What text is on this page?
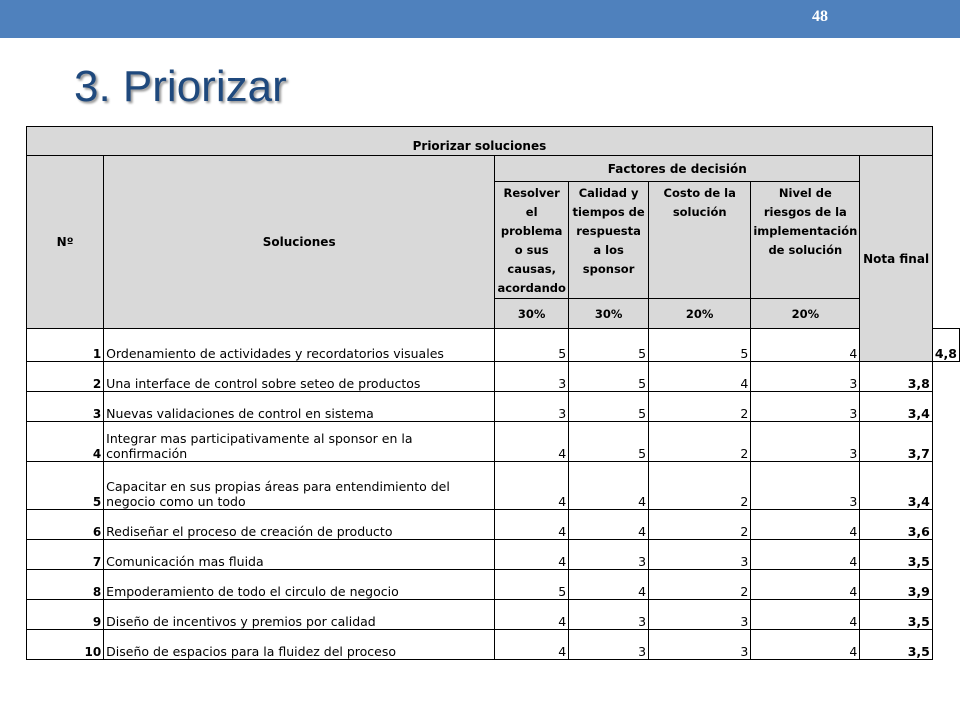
48
3. Priorizar
Priorizar soluciones							
Nº	Soluciones	Factores de decisión				Nota final	
		Resolver el problema o sus causas, acordando	Calidad y tiempos de respuesta a los sponsor	Costo de la solución	Nivel de riesgos de la implementación de solución		
		30%	30%	20%	20%		
1	Ordenamiento de actividades y recordatorios visuales	5	5	5	4		4,8
2	Una interface de control sobre seteo de productos	3	5	4	3	3,8	
3	Nuevas validaciones de control en sistema	3	5	2	3	3,4	
4	Integrar mas participativamente al sponsor en la confirmación	4	5	2	3	3,7	
5	Capacitar en sus propias áreas para entendimiento del negocio como un todo	4	4	2	3	3,4	
6	Rediseñar el proceso de creación de producto	4	4	2	4	3,6	
7	Comunicación mas fluida	4	3	3	4	3,5	
8	Empoderamiento de todo el circulo de negocio	5	4	2	4	3,9	
9	Diseño de incentivos y premios por calidad	4	3	3	4	3,5	
10	Diseño de espacios para la fluidez del proceso	4	3	3	4	3,5	
